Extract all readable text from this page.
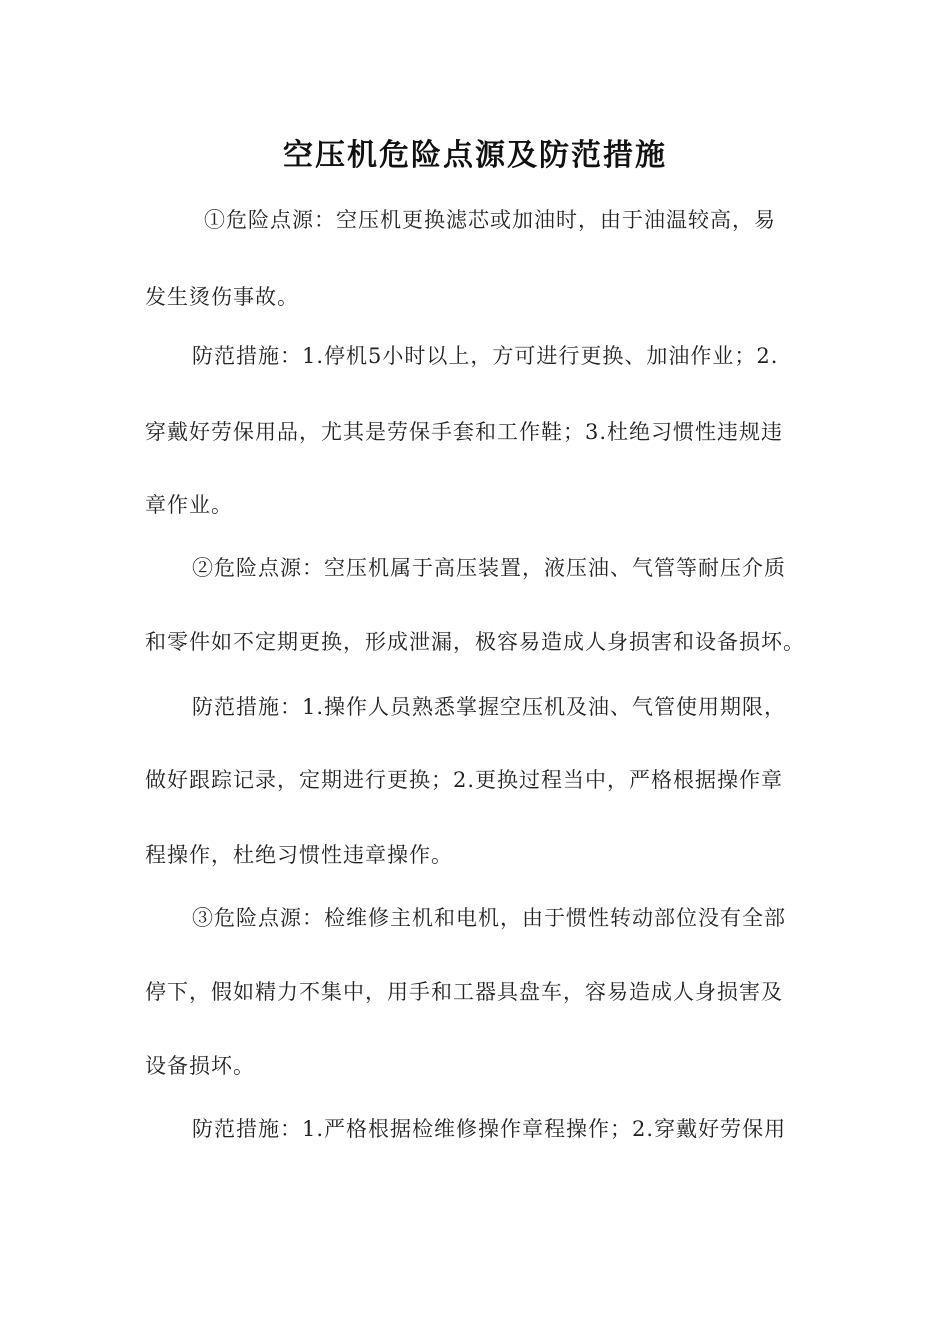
空压机危险点源及防范措施
①危险点源：空压机更换滤芯或加油时，由于油温较高，易
发生烫伤事故。
防范措施：1.停机5小时以上，方可进行更换、加油作业；2.
穿戴好劳保用品，尤其是劳保手套和工作鞋；3.杜绝习惯性违规违
章作业。
②危险点源：空压机属于高压装置，液压油、气管等耐压介质
和零件如不定期更换，形成泄漏，极容易造成人身损害和设备损坏。
防范措施：1.操作人员熟悉掌握空压机及油、气管使用期限，
做好跟踪记录，定期进行更换；2.更换过程当中，严格根据操作章
程操作，杜绝习惯性违章操作。
③危险点源：检维修主机和电机，由于惯性转动部位没有全部
停下，假如精力不集中，用手和工器具盘车，容易造成人身损害及
设备损坏。
防范措施：1.严格根据检维修操作章程操作；2.穿戴好劳保用
